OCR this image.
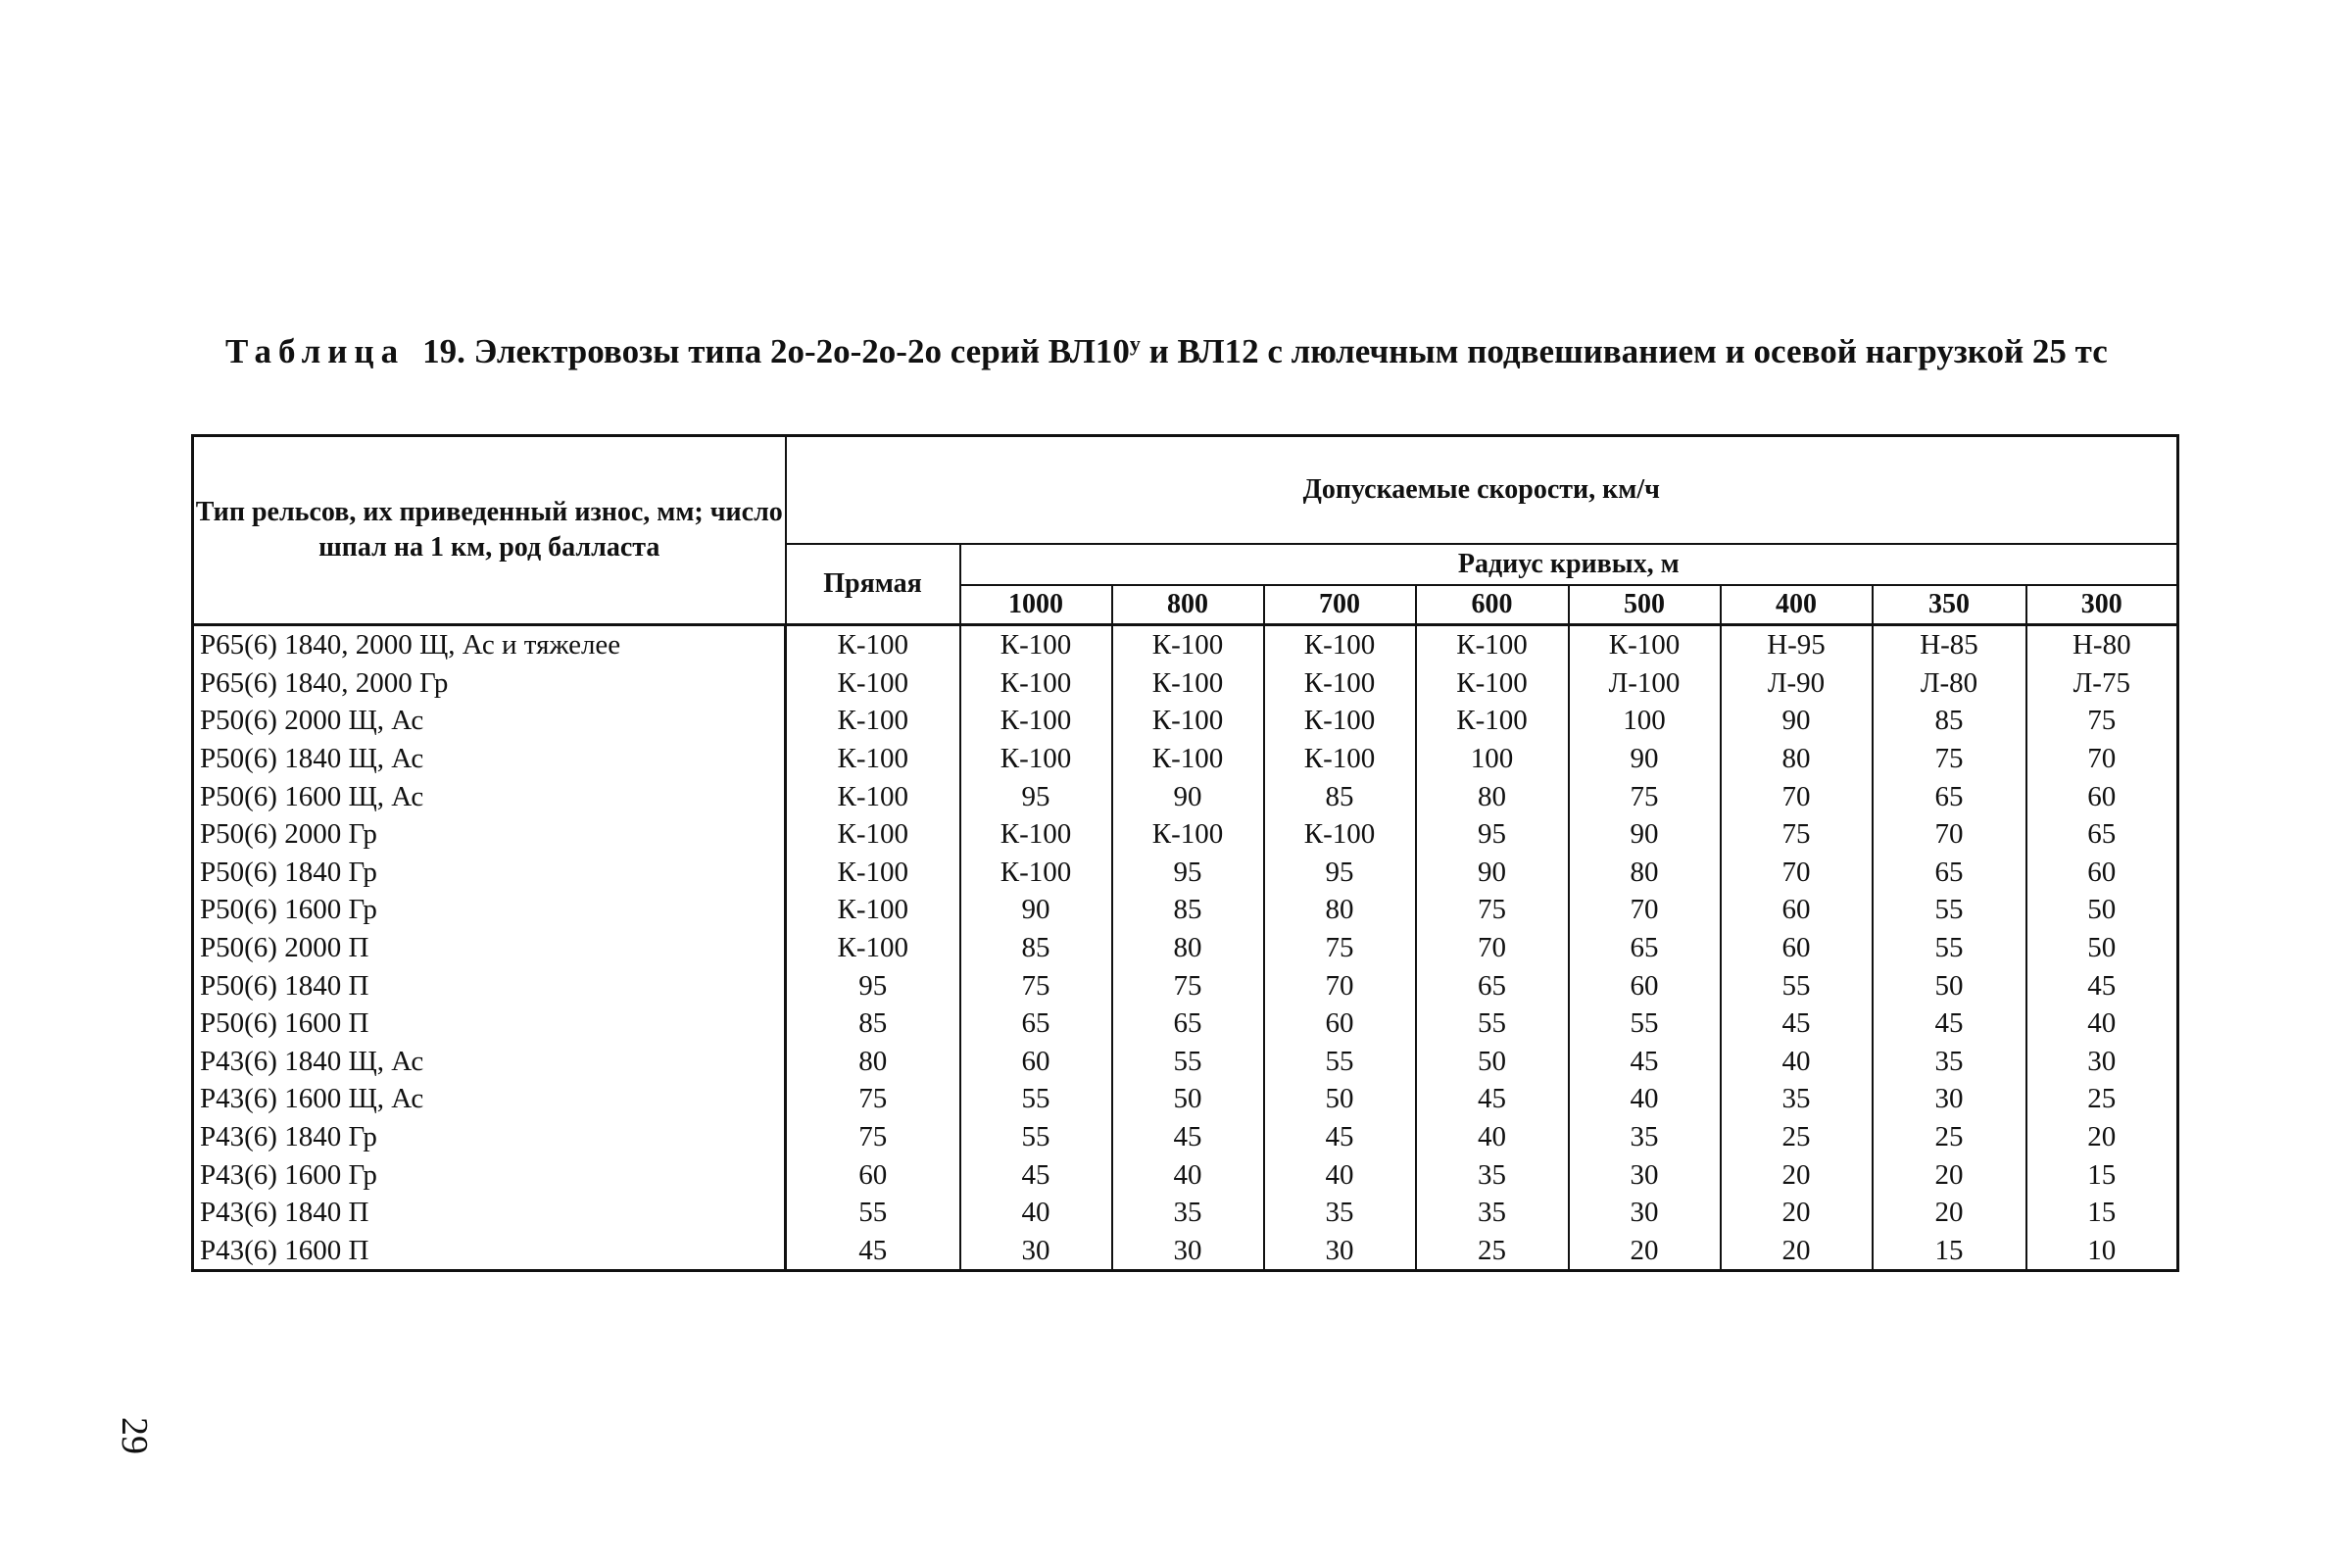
Таблица 19. Электровозы типа 2о-2о-2о-2о серий $ВЛ10^у$ и ВЛ12 с люлечным подвешиванием и осевой нагрузкой 25 тс
Тип рельсов, их приведенный износ, мм; число шпал на 1 км, род балласта	Допускаемые скорости, км/ч								
	Прямая	Радиус кривых, м							
		1000	800	700	600	500	400	350	300
Р65(6) 1840, 2000 Щ, Ас и тяжелее	К-100	К-100	К-100	К-100	К-100	К-100	Н-95	Н-85	Н-80
Р65(6) 1840, 2000 Гр	К-100	К-100	К-100	К-100	К-100	Л-100	Л-90	Л-80	Л-75
Р50(6) 2000 Щ, Ас	К-100	К-100	К-100	К-100	К-100	100	90	85	75
Р50(6) 1840 Щ, Ас	К-100	К-100	К-100	К-100	100	90	80	75	70
Р50(6) 1600 Щ, Ас	К-100	95	90	85	80	75	70	65	60
Р50(6) 2000 Гр	К-100	К-100	К-100	К-100	95	90	75	70	65
Р50(6) 1840 Гр	К-100	К-100	95	95	90	80	70	65	60
Р50(6) 1600 Гр	К-100	90	85	80	75	70	60	55	50
Р50(6) 2000 П	К-100	85	80	75	70	65	60	55	50
Р50(6) 1840 П	95	75	75	70	65	60	55	50	45
Р50(6) 1600 П	85	65	65	60	55	55	45	45	40
Р43(6) 1840 Щ, Ас	80	60	55	55	50	45	40	35	30
Р43(6) 1600 Щ, Ас	75	55	50	50	45	40	35	30	25
Р43(6) 1840 Гр	75	55	45	45	40	35	25	25	20
Р43(6) 1600 Гр	60	45	40	40	35	30	20	20	15
Р43(6) 1840 П	55	40	35	35	35	30	20	20	15
Р43(6) 1600 П	45	30	30	30	25	20	20	15	10
29
